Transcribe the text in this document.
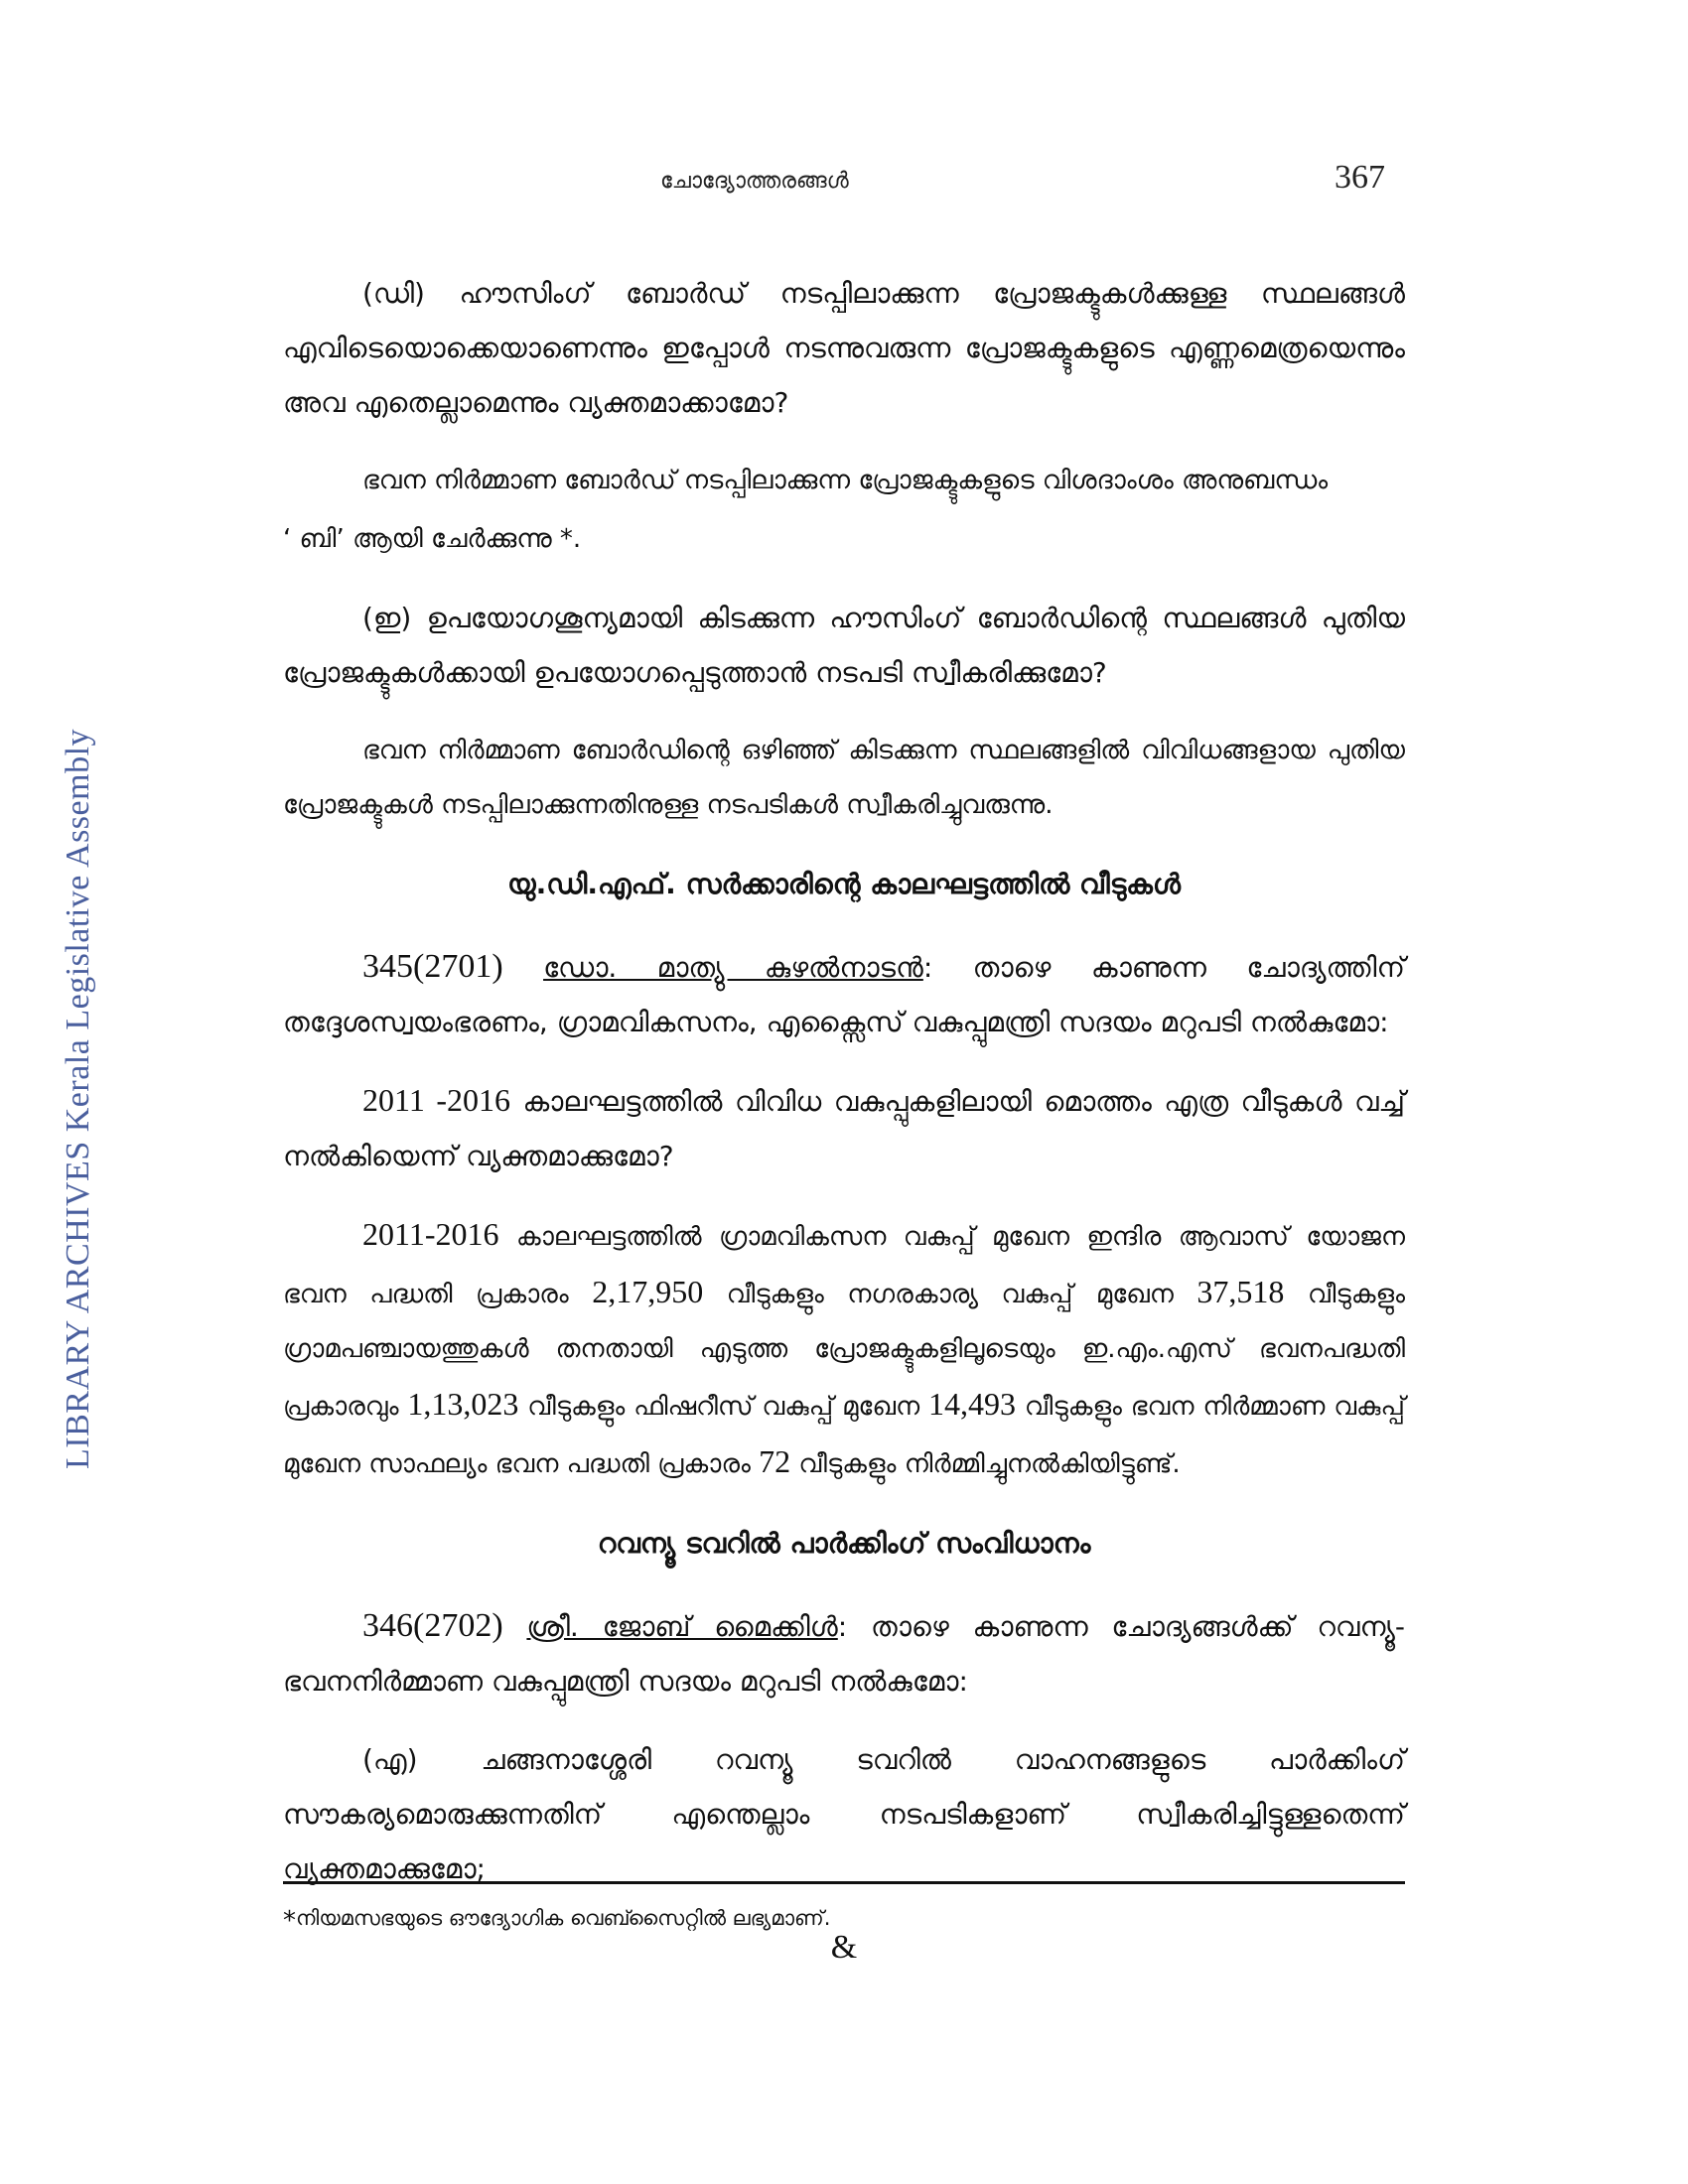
LIBRARY ARCHIVES Kerala Legislative Assembly
ചോദ്യോത്തരങ്ങൾ	367

(ഡി) ഹൗസിംഗ് ബോർഡ് നടപ്പിലാക്കുന്ന പ്രോജക്ടുകൾക്കുള്ള സ്ഥലങ്ങൾ എവിടെയൊക്കെയാണെന്നും ഇപ്പോൾ നടന്നുവരുന്ന പ്രോജക്ടുകളുടെ എണ്ണമെത്രയെന്നും അവ എതെല്ലാമെന്നും വ്യക്തമാക്കാമോ?

ഭവന നിർമ്മാണ ബോർഡ് നടപ്പിലാക്കുന്ന പ്രോജക്ടുകളുടെ വിശദാംശം അനുബന്ധം

‘ ബി’ ആയി ചേർക്കുന്നു *.

(ഇ) ഉപയോഗശൂന്യമായി കിടക്കുന്ന ഹൗസിംഗ് ബോർഡിന്റെ സ്ഥലങ്ങൾ പുതിയ പ്രോജക്ടുകൾക്കായി ഉപയോഗപ്പെടുത്താൻ നടപടി സ്വീകരിക്കുമോ?

ഭവന നിർമ്മാണ ബോർഡിന്റെ ഒഴിഞ്ഞ് കിടക്കുന്ന സ്ഥലങ്ങളിൽ വിവിധങ്ങളായ പുതിയ പ്രോജക്ടുകൾ നടപ്പിലാക്കുന്നതിനുള്ള നടപടികൾ സ്വീകരിച്ചുവരുന്നു.

യു.ഡി.എഫ്. സർക്കാരിന്റെ കാലഘട്ടത്തിൽ വീടുകൾ

345(2701) ഡോ. മാത്യു കുഴൽനാടൻ: താഴെ കാണുന്ന ചോദ്യത്തിന് തദ്ദേശസ്വയംഭരണം, ഗ്രാമവികസനം, എക്സൈസ് വകുപ്പുമന്ത്രി സദയം മറുപടി നൽകുമോ:

2011 -2016 കാലഘട്ടത്തിൽ വിവിധ വകുപ്പുകളിലായി മൊത്തം എത്ര വീടുകൾ വച്ച് നൽകിയെന്ന് വ്യക്തമാക്കുമോ?

2011-2016 കാലഘട്ടത്തിൽ ഗ്രാമവികസന വകുപ്പ് മുഖേന ഇന്ദിര ആവാസ് യോജന ഭവന പദ്ധതി പ്രകാരം 2,17,950 വീടുകളും നഗരകാര്യ വകുപ്പ് മുഖേന 37,518 വീടുകളും ഗ്രാമപഞ്ചായത്തുകൾ തനതായി എടുത്ത പ്രോജക്ടുകളിലൂടെയും ഇ.എം.എസ് ഭവനപദ്ധതി പ്രകാരവും 1,13,023 വീടുകളും ഫിഷറീസ് വകുപ്പ് മുഖേന 14,493 വീടുകളും ഭവന നിർമ്മാണ വകുപ്പ് മുഖേന സാഫല്യം ഭവന പദ്ധതി പ്രകാരം 72 വീടുകളും നിർമ്മിച്ചുനൽകിയിട്ടുണ്ട്.

റവന്യൂ ടവറിൽ പാർക്കിംഗ് സംവിധാനം

346(2702) ശ്രീ. ജോബ് മൈക്കിൾ: താഴെ കാണുന്ന ചോദ്യങ്ങൾക്ക് റവന്യൂ-ഭവനനിർമ്മാണ വകുപ്പുമന്ത്രി സദയം മറുപടി നൽകുമോ:

(എ) ചങ്ങനാശ്ശേരി റവന്യൂ ടവറിൽ വാഹനങ്ങളുടെ പാർക്കിംഗ് സൗകര്യമൊരുക്കുന്നതിന് എന്തെല്ലാം നടപടികളാണ് സ്വീകരിച്ചിട്ടുള്ളതെന്ന് വ്യക്തമാക്കുമോ;

&

*നിയമസഭയുടെ ഔദ്യോഗിക വെബ്സൈറ്റിൽ ലഭ്യമാണ്.
